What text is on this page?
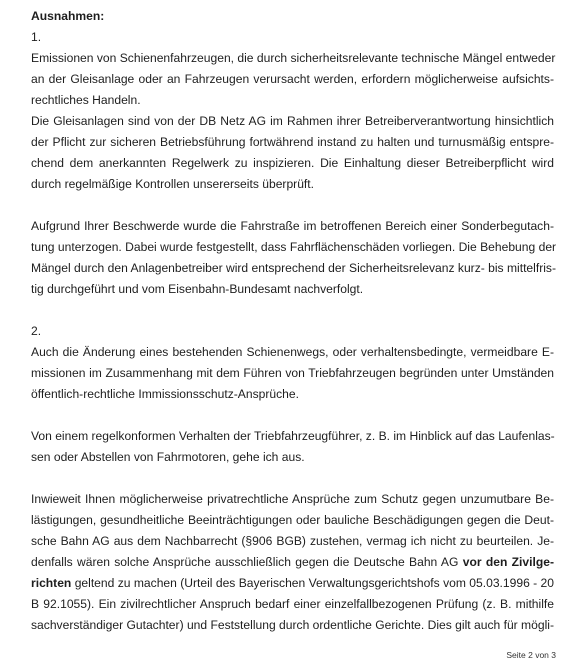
Ausnahmen:
1.

Emissionen von Schienenfahrzeugen, die durch sicherheitsrelevante technische Mängel entweder
an der Gleisanlage oder an Fahrzeugen verursacht werden, erfordern möglicherweise aufsichts-
rechtliches Handeln.

Die Gleisanlagen sind von der DB Netz AG im Rahmen ihrer Betreiberverantwortung hinsichtlich
der Pflicht zur sicheren Betriebsführung fortwährend instand zu halten und turnusmäßig entspre-
chend dem anerkannten Regelwerk zu inspizieren. Die Einhaltung dieser Betreiberpflicht wird
durch regelmäßige Kontrollen unsererseits überprüft.

Aufgrund Ihrer Beschwerde wurde die Fahrstraße im betroffenen Bereich einer Sonderbegutach-
tung unterzogen. Dabei wurde festgestellt, dass Fahrflächenschäden vorliegen. Die Behebung der
Mängel durch den Anlagenbetreiber wird entsprechend der Sicherheitsrelevanz kurz- bis mittelfris-
tig durchgeführt und vom Eisenbahn-Bundesamt nachverfolgt.

2.

Auch die Änderung eines bestehenden Schienenwegs, oder verhaltensbedingte, vermeidbare E-
missionen im Zusammenhang mit dem Führen von Triebfahrzeugen begründen unter Umständen
öffentlich-rechtliche Immissionsschutz-Ansprüche.

Von einem regelkonformen Verhalten der Triebfahrzeugführer, z. B. im Hinblick auf das Laufenlas-
sen oder Abstellen von Fahrmotoren, gehe ich aus.

Inwieweit Ihnen möglicherweise privatrechtliche Ansprüche zum Schutz gegen unzumutbare Be-
lästigungen, gesundheitliche Beeinträchtigungen oder bauliche Beschädigungen gegen die Deut-
sche Bahn AG aus dem Nachbarrecht (§906 BGB) zustehen, vermag ich nicht zu beurteilen. Je-
denfalls wären solche Ansprüche ausschließlich gegen die Deutsche Bahn AG vor den Zivilge-
richten geltend zu machen (Urteil des Bayerischen Verwaltungsgerichtshofs vom 05.03.1996 - 20
B 92.1055). Ein zivilrechtlicher Anspruch bedarf einer einzelfallbezogenen Prüfung (z. B. mithilfe
sachverständiger Gutachter) und Feststellung durch ordentliche Gerichte. Dies gilt auch für mögli-

Seite 2 von 3
